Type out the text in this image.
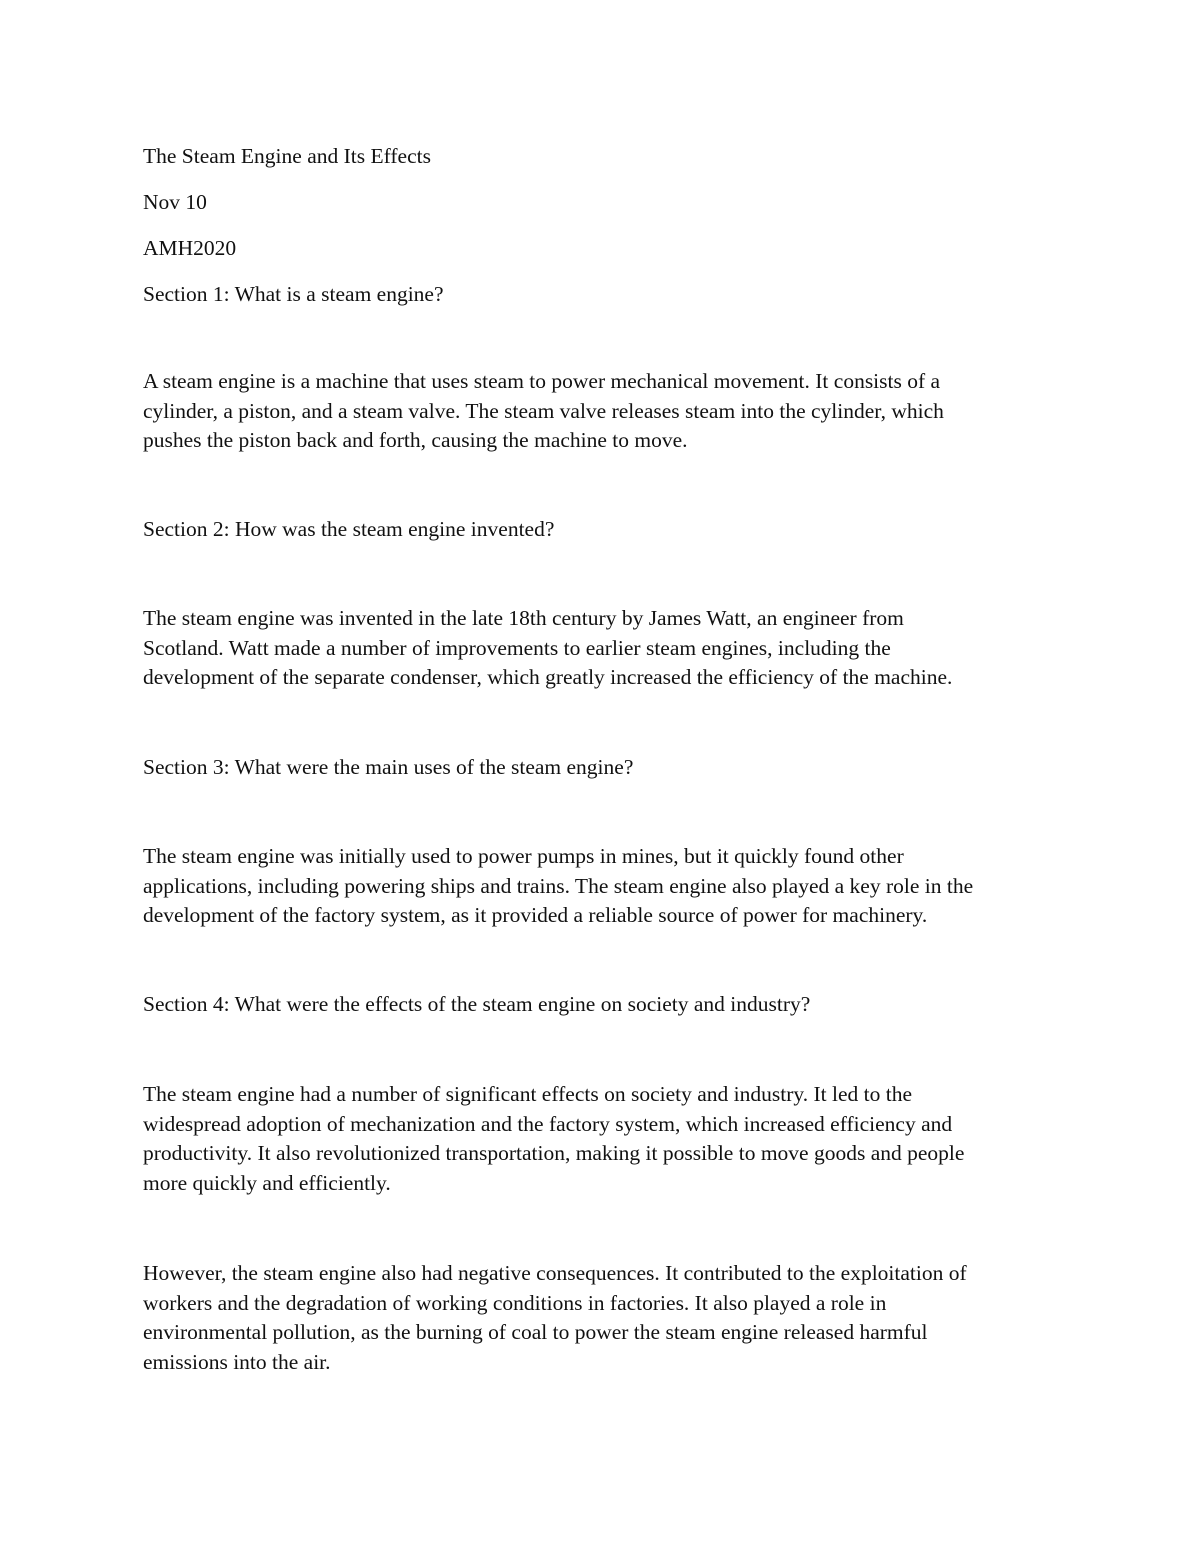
The Steam Engine and Its Effects

Nov 10

AMH2020

Section 1: What is a steam engine?

A steam engine is a machine that uses steam to power mechanical movement. It consists of a
cylinder, a piston, and a steam valve. The steam valve releases steam into the cylinder, which
pushes the piston back and forth, causing the machine to move.

Section 2: How was the steam engine invented?

The steam engine was invented in the late 18th century by James Watt, an engineer from
Scotland. Watt made a number of improvements to earlier steam engines, including the
development of the separate condenser, which greatly increased the efficiency of the machine.

Section 3: What were the main uses of the steam engine?

The steam engine was initially used to power pumps in mines, but it quickly found other
applications, including powering ships and trains. The steam engine also played a key role in the
development of the factory system, as it provided a reliable source of power for machinery.

Section 4: What were the effects of the steam engine on society and industry?

The steam engine had a number of significant effects on society and industry. It led to the
widespread adoption of mechanization and the factory system, which increased efficiency and
productivity. It also revolutionized transportation, making it possible to move goods and people
more quickly and efficiently.

However, the steam engine also had negative consequences. It contributed to the exploitation of
workers and the degradation of working conditions in factories. It also played a role in
environmental pollution, as the burning of coal to power the steam engine released harmful
emissions into the air.
